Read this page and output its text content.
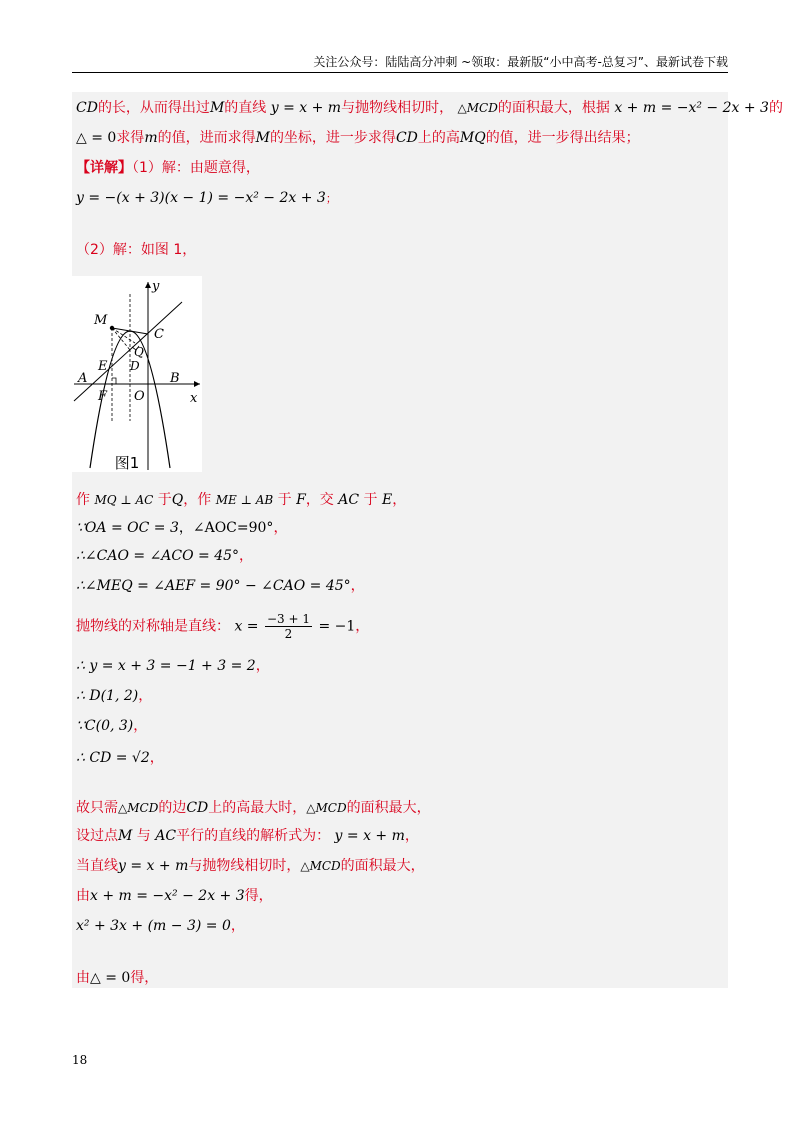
关注公众号：陆陆高分冲刺 ~领取：最新版“小中高考-总复习”、最新试卷下载
CD的长，从而得出过M的直线 y = x + m与抛物线相切时， △MCD的面积最大，根据 x + m = −x² − 2x + 3的
△ = 0求得m的值，进而求得M的坐标，进一步求得CD上的高MQ的值，进一步得出结果；
【详解】（1）解：由题意得，
y = −(x + 3)(x − 1) = −x² − 2x + 3；
（2）解：如图 1，
y
x
M
C
Q
D
E
A	B
F O
图1
作 MQ ⊥ AC 于Q，作 ME ⊥ AB 于 F，交 AC 于 E，
∵OA = OC = 3，∠AOC=90°，
∴∠CAO = ∠ACO = 45°，
∴∠MEQ = ∠AEF = 90° − ∠CAO = 45°，
抛物线的对称轴是直线： $x = \frac{-3 + 1}{2} = -1$，
∴ y = x + 3 = −1 + 3 = 2，
∴ D(1, 2)，
∵C(0, 3)，
∴ CD = √2，
故只需△MCD的边CD上的高最大时，△MCD的面积最大，
设过点M 与 AC平行的直线的解析式为： y = x + m，
当直线y = x + m与抛物线相切时，△MCD的面积最大，
由x + m = −x² − 2x + 3得，
x² + 3x + (m − 3) = 0，
由△ = 0得，
18
